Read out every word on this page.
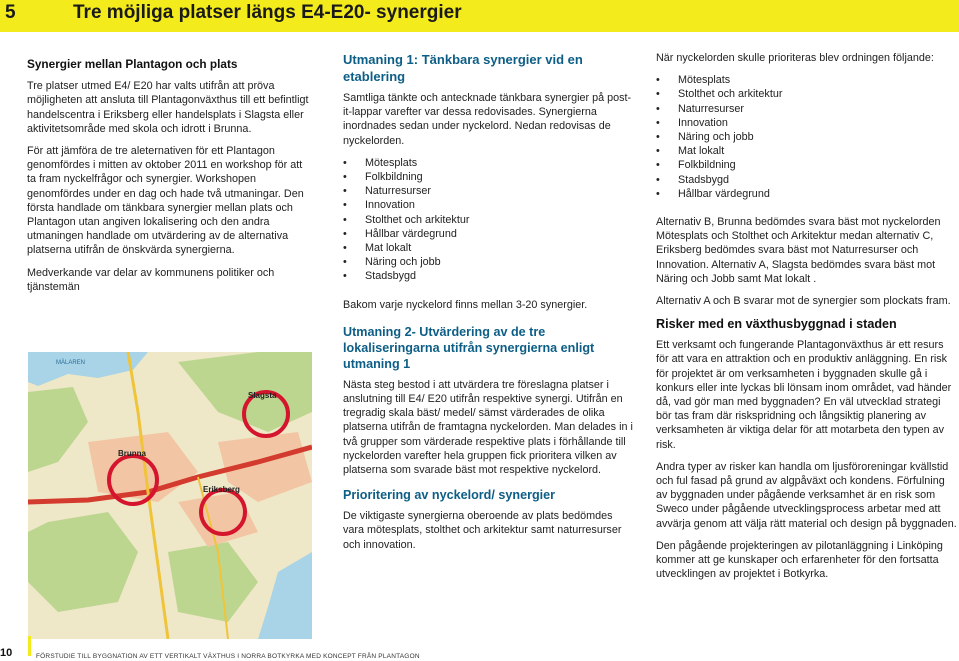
5	Tre möjliga platser längs E4-E20- synergier
Synergier mellan Plantagon och plats

Tre platser utmed E4/ E20 har valts utifrån att pröva möjligheten att ansluta till Plantagonväxthus till ett befintligt handelscentra i Eriksberg eller handelsplats i Slagsta eller aktivitetsområde med skola och idrott i Brunna.

För att jämföra de tre aleternativen för ett Plantagon genomfördes i mitten av oktober 2011 en workshop för att ta fram nyckelfrågor och synergier. Workshopen genomfördes under en dag och hade två utmaningar. Den första handlade om tänkbara synergier mellan plats och Plantagon utan angiven lokalisering och den andra utmaningen handlade om utvärdering av de alternativa platserna utifrån de önskvärda synergierna.

Medverkande var delar av kommunens politiker och tjänstemän

MÄLAREN
Brunna
Eriksberg
Slagsta
Utmaning 1: Tänkbara synergier vid en etablering

Samtliga tänkte och antecknade tänkbara synergier på post-it-lappar varefter var dessa redovisades. Synergierna inordnades sedan under nyckelord. Nedan redovisas de nyckelorden.

• Mötesplats
• Folkbildning
• Naturresurser
• Innovation
• Stolthet och arkitektur
• Hållbar värdegrund
• Mat lokalt
• Näring och jobb
• Stadsbygd

Bakom varje nyckelord finns mellan 3-20 synergier.

Utmaning 2- Utvärdering av de tre lokaliseringarna utifrån synergierna enligt utmaning 1

Nästa steg bestod i att utvärdera tre föreslagna platser i anslutning till E4/ E20 utifrån respektive synergi. Utifrån en tregradig skala bäst/ medel/ sämst värderades de olika platserna utifrån de framtagna nyckelorden. Man delades in i två grupper som värderade respektive plats i förhållande till nyckelorden varefter hela gruppen fick prioritera vilken av platserna som svarade bäst mot respektive nyckelord.

Prioritering av nyckelord/ synergier

De viktigaste synergierna oberoende av plats bedömdes vara mötesplats, stolthet och arkitektur samt naturresurser och innovation.

När nyckelorden skulle prioriteras blev ordningen följande:

• Mötesplats
• Stolthet och arkitektur
• Naturresurser
• Innovation
• Näring och jobb
• Mat lokalt
• Folkbildning
• Stadsbygd
• Hållbar värdegrund

Alternativ B, Brunna bedömdes svara bäst mot nyckelorden Mötesplats och Stolthet och Arkitektur medan alternativ C, Eriksberg bedömdes svara bäst mot Naturresurser och Innovation. Alternativ A, Slagsta bedömdes svara bäst mot Näring och Jobb samt Mat lokalt .

Alternativ A och B svarar mot de synergier som plockats fram.

Risker med en växthusbyggnad i staden

Ett verksamt och fungerande Plantagonväxthus är ett resurs för att vara en attraktion och en produktiv anläggning. En risk för projektet är om verksamheten i byggnaden skulle gå i konkurs eller inte lyckas bli lönsam inom området, vad händer då, vad gör man med byggnaden? En väl utvecklad strategi bör tas fram där riskspridning och långsiktig planering av verksamheten är viktiga delar för att motarbeta den typen av risk.

Andra typer av risker kan handla om ljusföroreningar kvällstid och ful fasad på grund av algpåväxt och kondens. Förfulning av byggnaden under pågående verksamhet är en risk som Sweco under pågående utvecklingsprocess arbetar med att avvärja genom att välja rätt material och design på byggnaden.

Den pågående projekteringen av pilotanläggning i Linköping kommer att ge kunskaper och erfarenheter för den fortsatta utvecklingen av projektet i Botkyrka.

10	FÖRSTUDIE TILL BYGGNATION AV ETT VERTIKALT VÄXTHUS I NORRA BOTKYRKA MED KONCEPT FRÅN PLANTAGON
